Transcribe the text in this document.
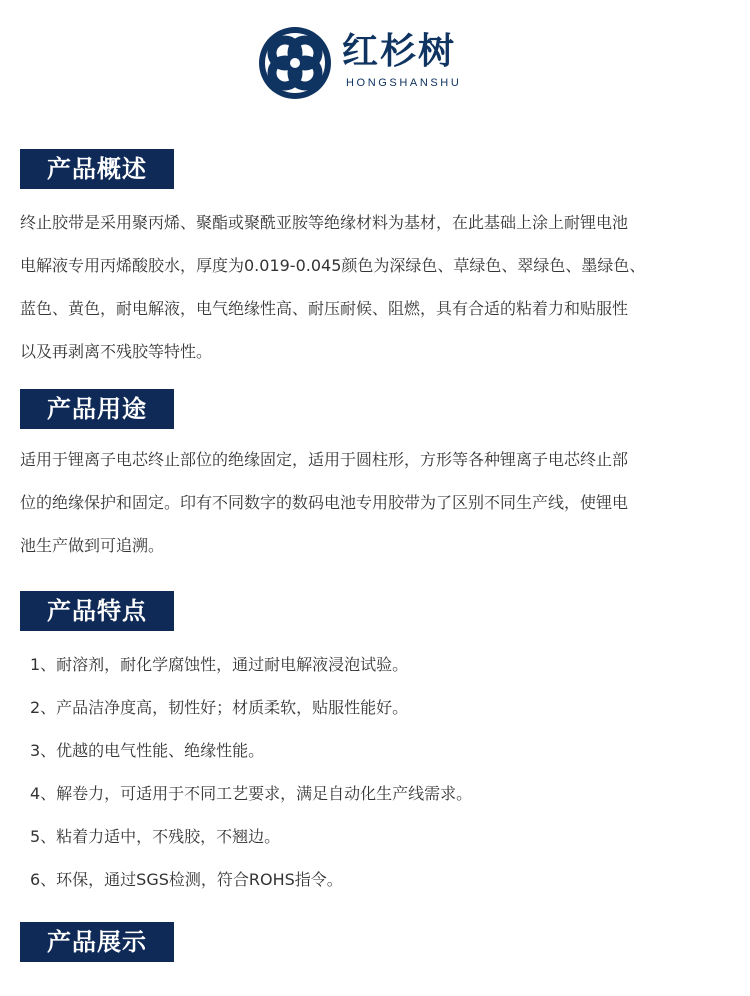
红杉树
HONGSHANSHU
产品概述
终止胶带是采用聚丙烯、聚酯或聚酰亚胺等绝缘材料为基材，在此基础上涂上耐锂电池
电解液专用丙烯酸胶水，厚度为0.019-0.045颜色为深绿色、草绿色、翠绿色、墨绿色、
蓝色、黄色，耐电解液，电气绝缘性高、耐压耐候、阻燃，具有合适的粘着力和贴服性
以及再剥离不残胶等特性。
产品用途
适用于锂离子电芯终止部位的绝缘固定，适用于圆柱形，方形等各种锂离子电芯终止部
位的绝缘保护和固定。印有不同数字的数码电池专用胶带为了区别不同生产线，使锂电
池生产做到可追溯。
产品特点
1、耐溶剂，耐化学腐蚀性，通过耐电解液浸泡试验。
2、产品洁净度高，韧性好；材质柔软，贴服性能好。
3、优越的电气性能、绝缘性能。
4、解卷力，可适用于不同工艺要求，满足自动化生产线需求。
5、粘着力适中，不残胶，不翘边。
6、环保，通过SGS检测，符合ROHS指令。
产品展示
